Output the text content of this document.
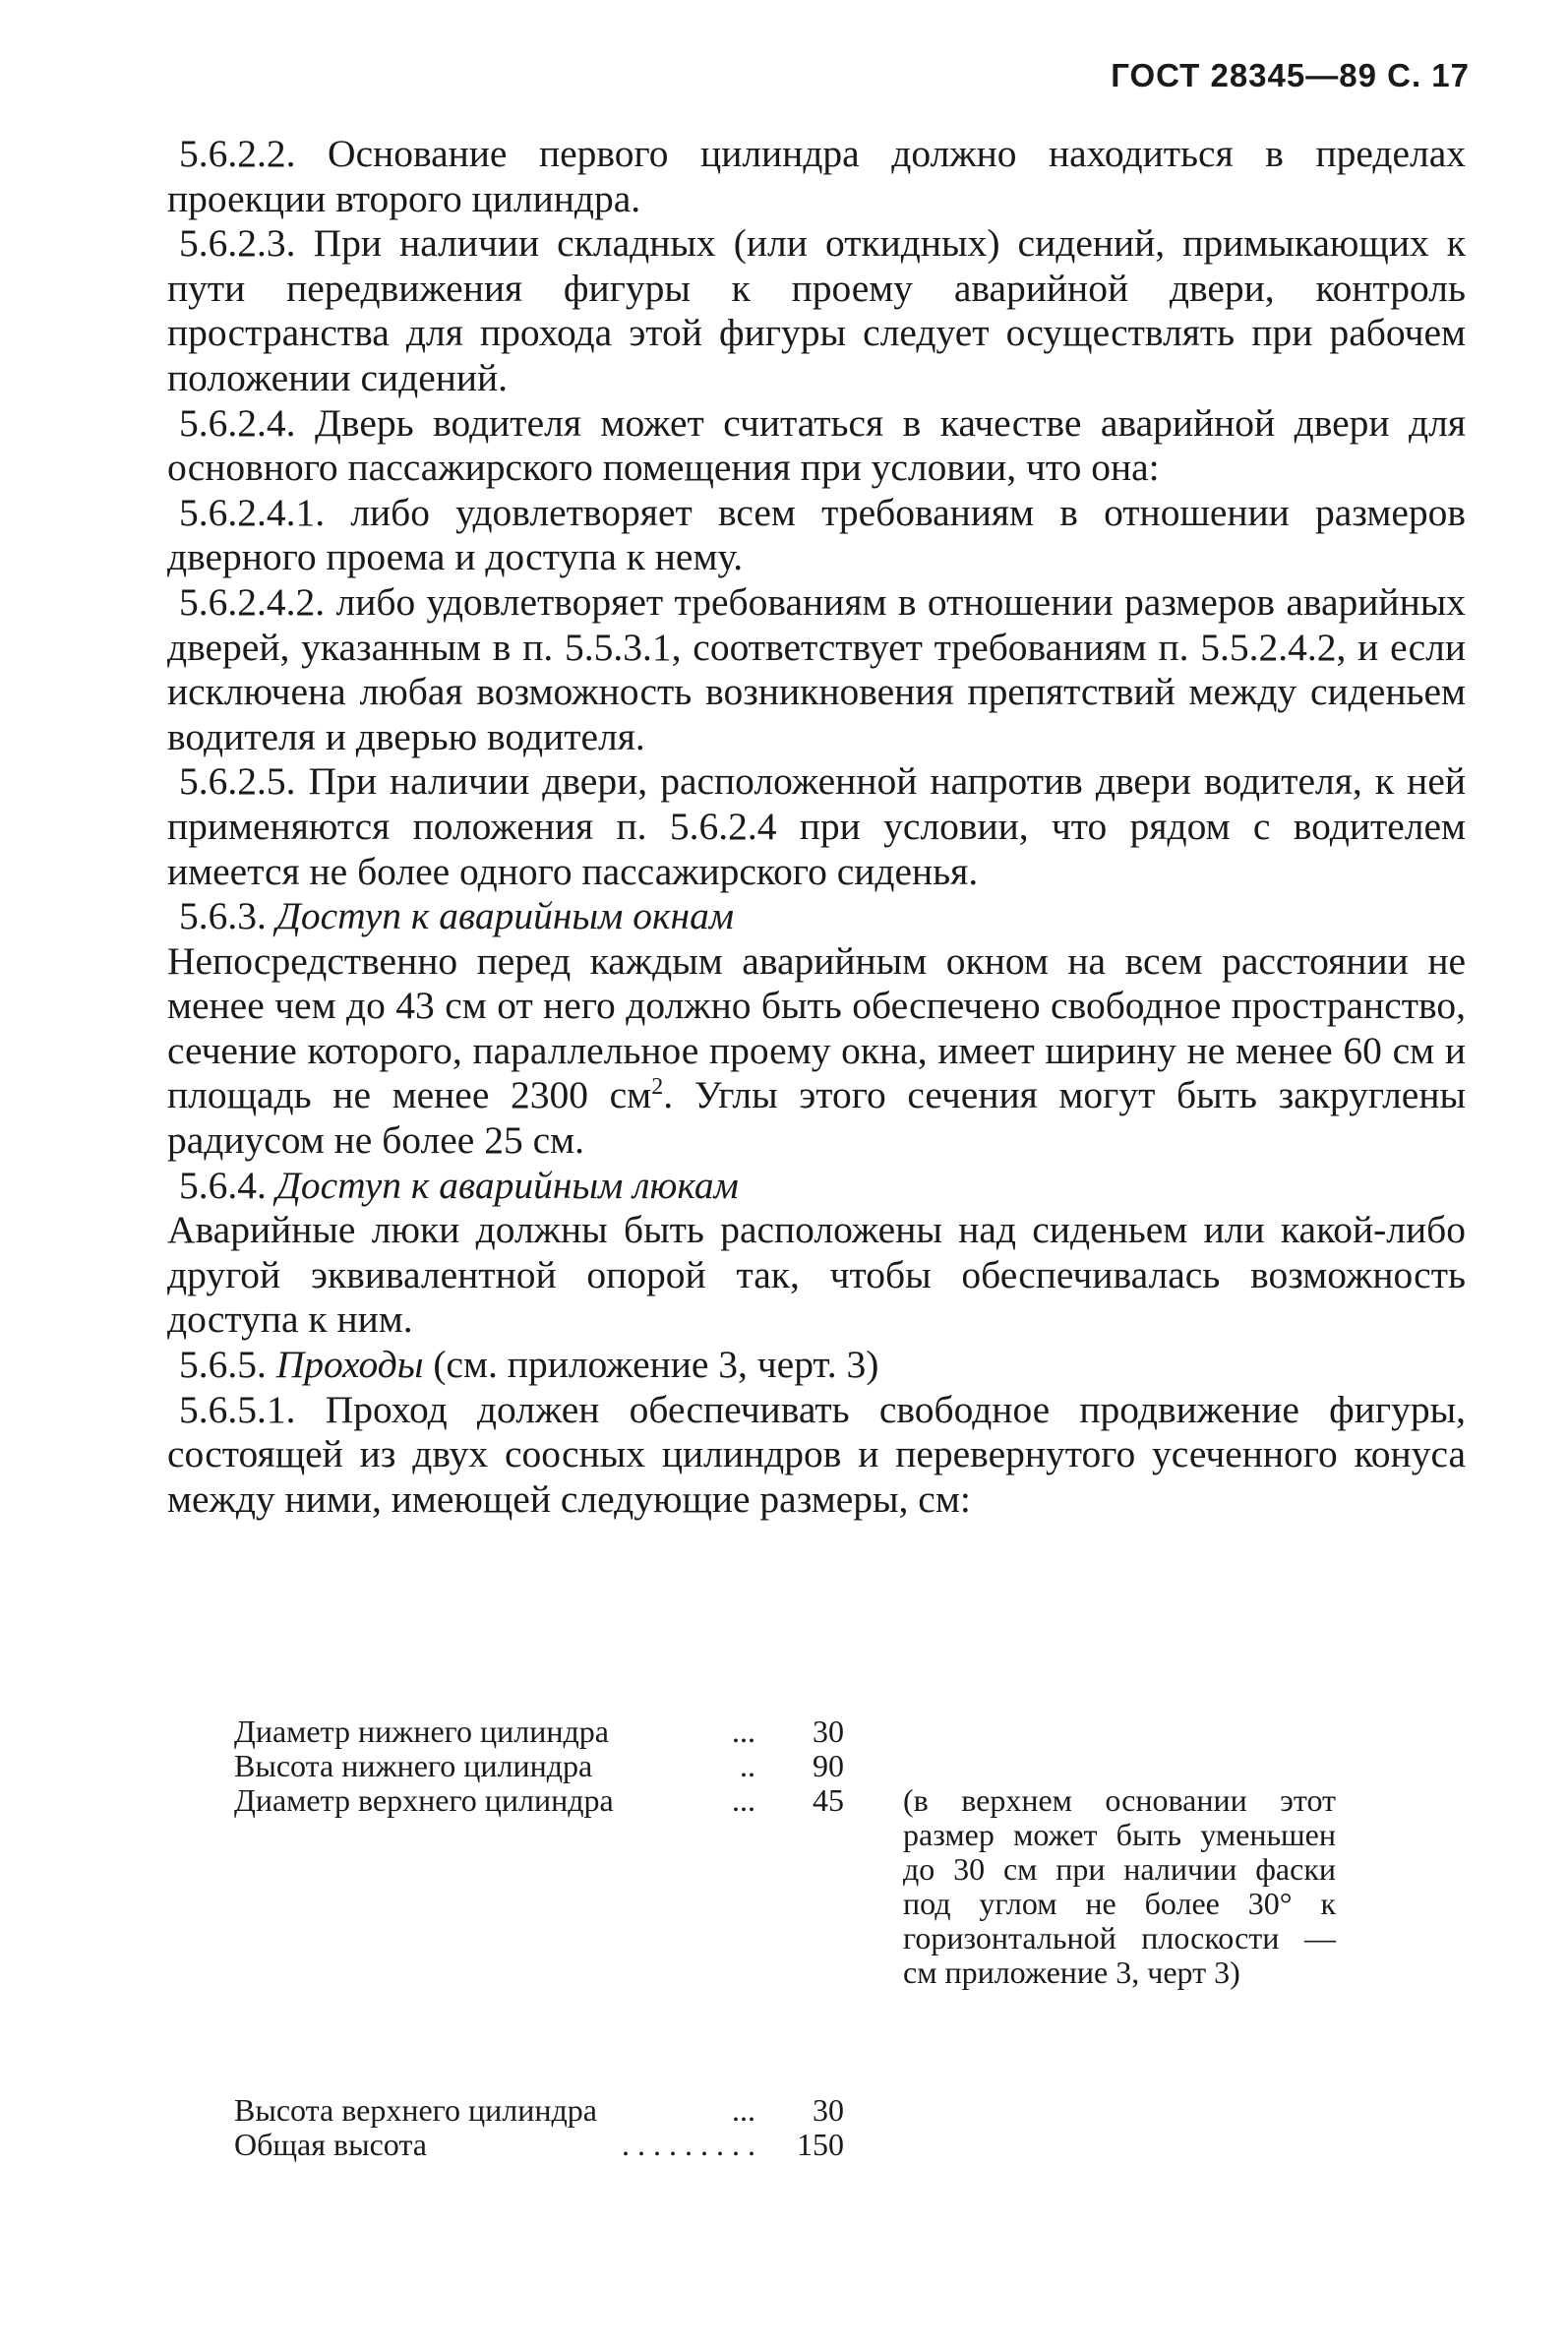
ГОСТ 28345—89 С. 17

5.6.2.2. Основание первого цилиндра должно находиться в пределах проекции второго цилиндра.

5.6.2.3. При наличии складных (или откидных) сидений, примыкающих к пути передвижения фигуры к проему аварийной двери, контроль пространства для прохода этой фигуры следует осуществлять при рабочем положении сидений.

5.6.2.4. Дверь водителя может считаться в качестве аварийной двери для основного пассажирского помещения при условии, что она:

5.6.2.4.1. либо удовлетворяет всем требованиям в отношении размеров дверного проема и доступа к нему.

5.6.2.4.2. либо удовлетворяет требованиям в отношении размеров аварийных дверей, указанным в п. 5.5.3.1, соответствует требованиям п. 5.5.2.4.2, и если исключена любая возможность возникновения препятствий между сиденьем водителя и дверью водителя.

5.6.2.5. При наличии двери, расположенной напротив двери водителя, к ней применяются положения п. 5.6.2.4 при условии, что рядом с водителем имеется не более одного пассажирского сиденья.

5.6.3. Доступ к аварийным окнам

Непосредственно перед каждым аварийным окном на всем расстоянии не менее чем до 43 см от него должно быть обеспечено свободное пространство, сечение которого, параллельное проему окна, имеет ширину не менее 60 см и площадь не менее 2300 $см^2$. Углы этого сечения могут быть закруглены радиусом не более 25 см.

5.6.4. Доступ к аварийным люкам

Аварийные люки должны быть расположены над сиденьем или какой-либо другой эквивалентной опорой так, чтобы обеспечивалась возможность доступа к ним.

5.6.5. Проходы (см. приложение 3, черт. 3)

5.6.5.1. Проход должен обеспечивать свободное продвижение фигуры, состоящей из двух соосных цилиндров и перевернутого усеченного конуса между ними, имеющей следующие размеры, см:

Диаметр нижнего цилиндра	...	30
Высота нижнего цилиндра	..	90
Диаметр верхнего цилиндра	...	45
Высота верхнего цилиндра	...	30
Общая высота	. . . . . . . . .	150
(в верхнем основании этот размер может быть уменьшен до 30 см при наличии фаски под углом не более 30° к горизонтальной плоскости — см приложение 3, черт 3)
